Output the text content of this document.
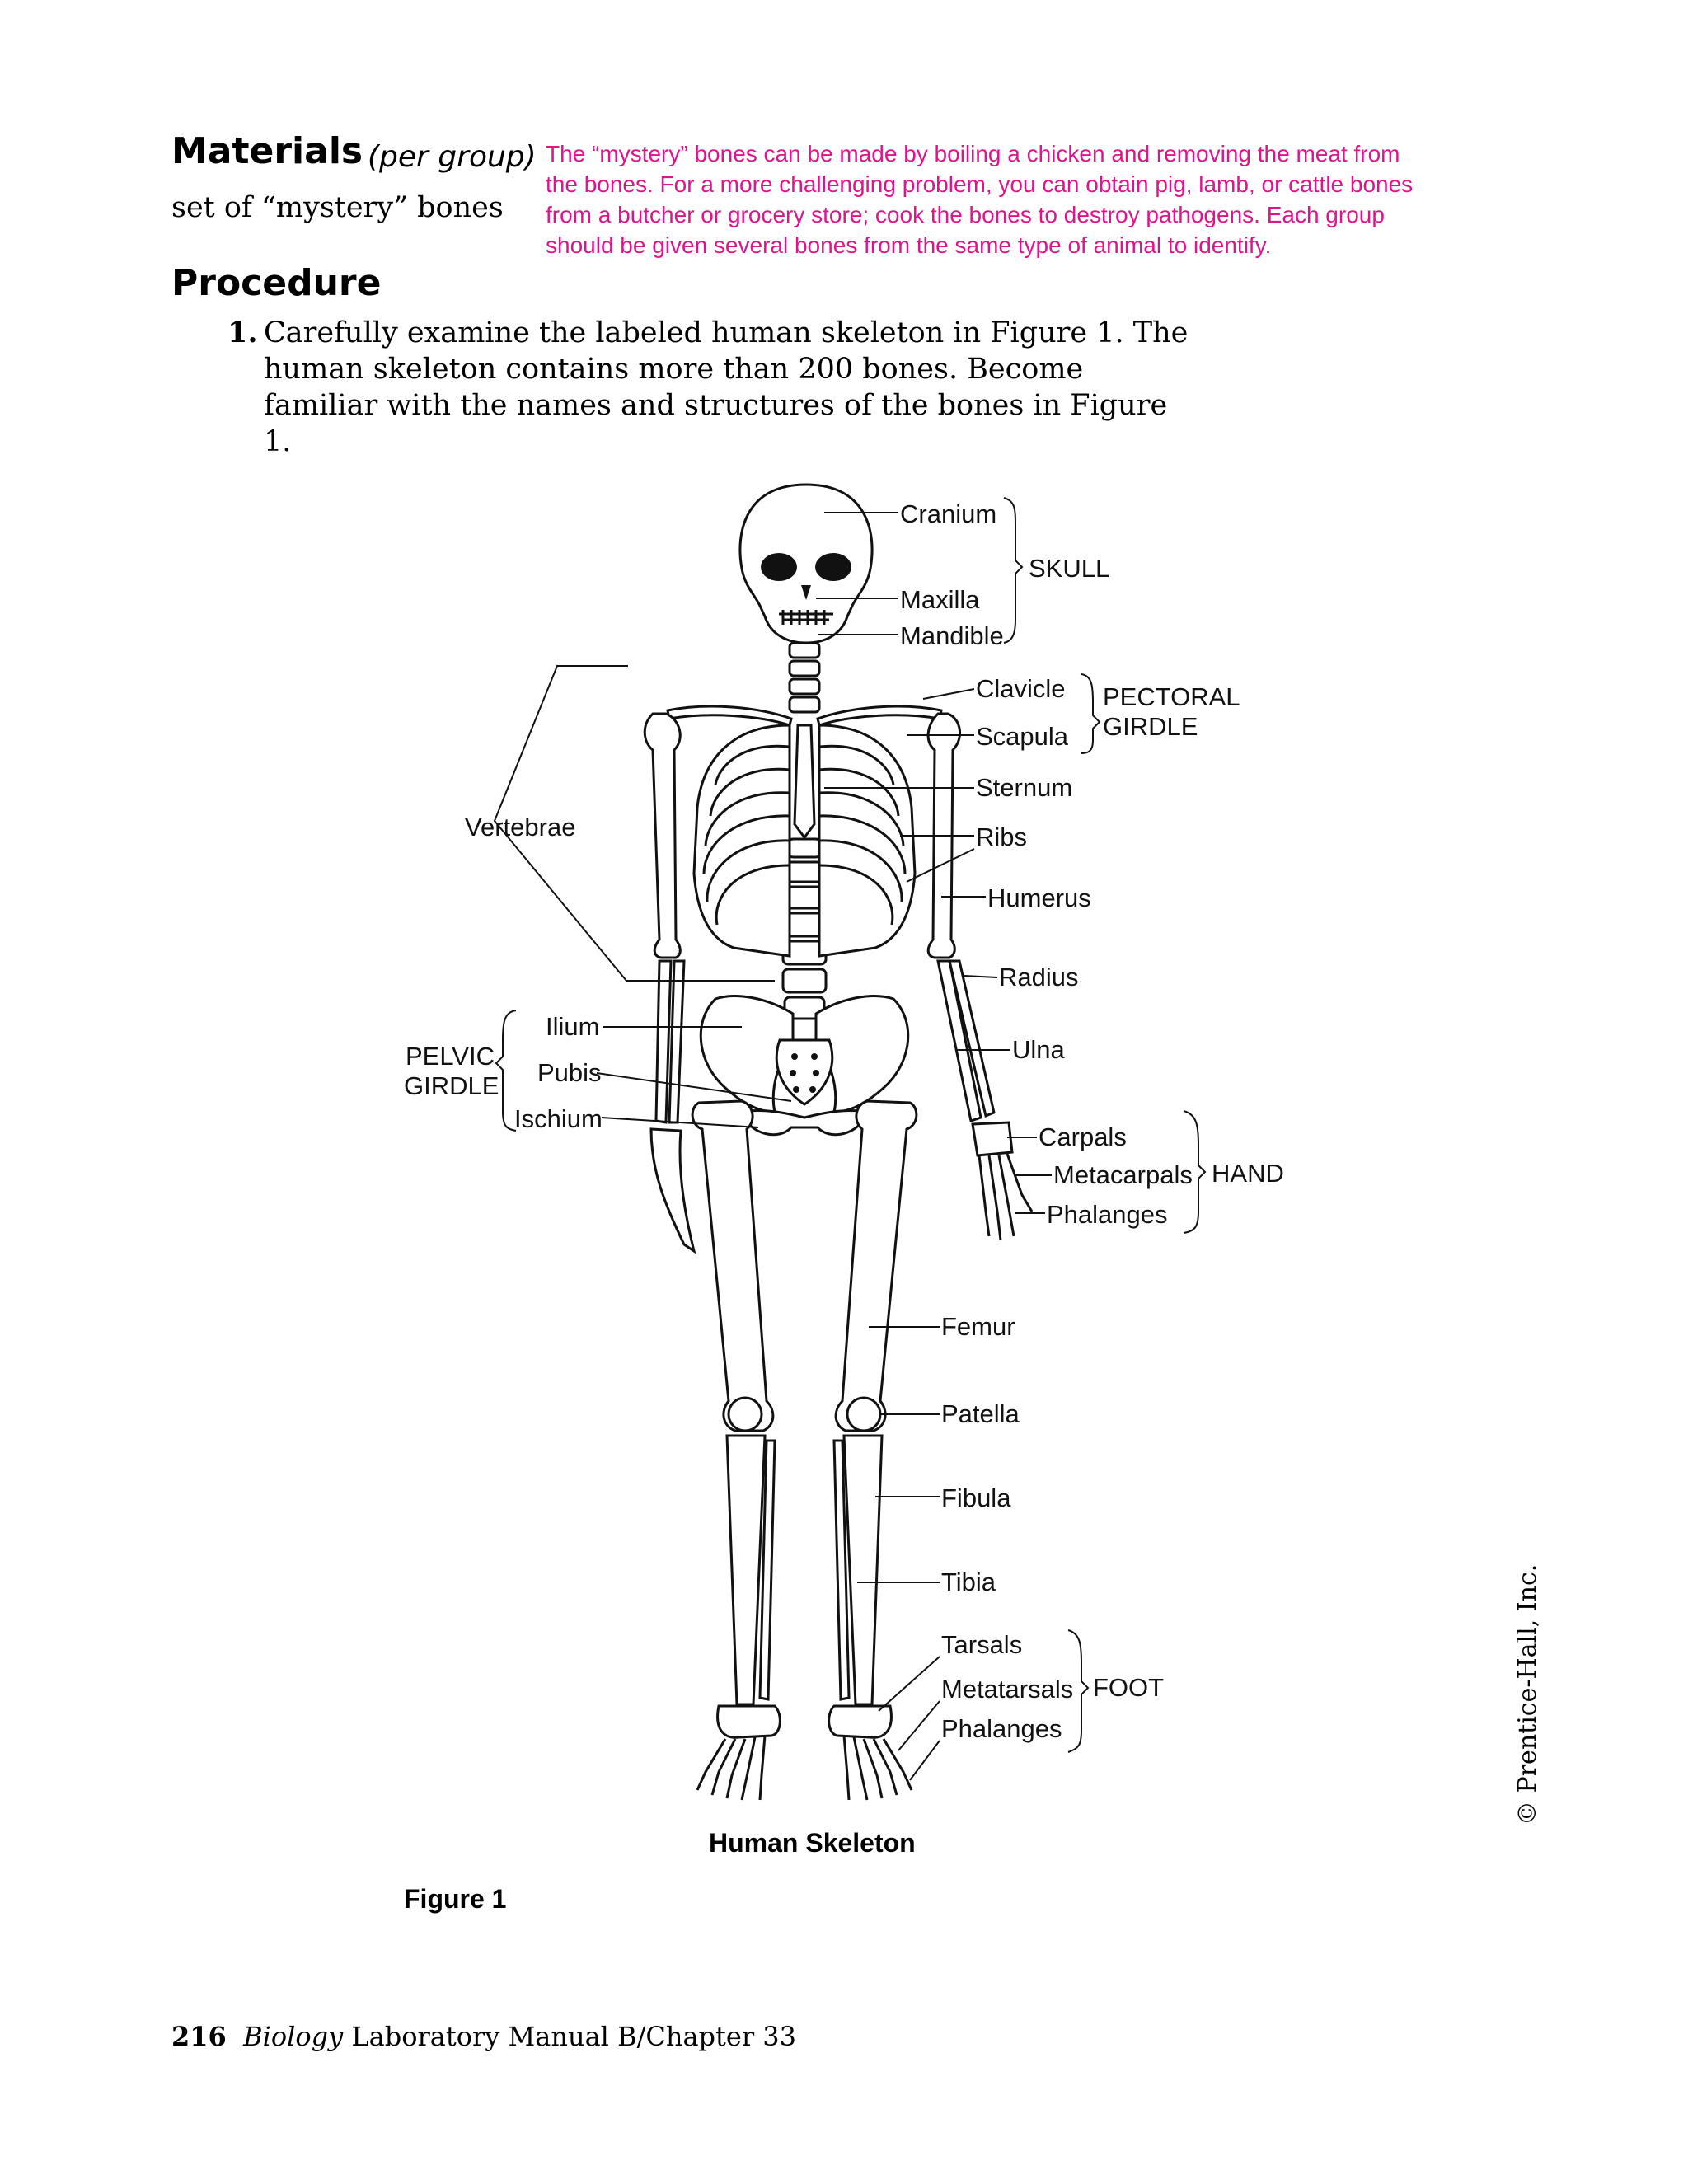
Materials (per group)
set of “mystery” bones
The “mystery” bones can be made by boiling a chicken and removing the meat from the bones. For a more challenging problem, you can obtain pig, lamb, or cattle bones from a butcher or grocery store; cook the bones to destroy pathogens. Each group should be given several bones from the same type of animal to identify.
Procedure
1. Carefully examine the labeled human skeleton in Figure 1. The human skeleton contains more than 200 bones. Become familiar with the names and structures of the bones in Figure 1.
Cranium
Maxilla
Mandible
SKULL
Clavicle
Scapula
PECTORAL
GIRDLE
Sternum
Ribs
Humerus
Radius
Ulna
Carpals
Metacarpals
Phalanges
HAND
Vertebrae
Ilium
Pubis
Ischium
PELVIC
GIRDLE
Femur
Patella
Fibula
Tibia
Tarsals
Metatarsals
Phalanges
FOOT
Human Skeleton
Figure 1
© Prentice-Hall, Inc.
216 Biology Laboratory Manual B/Chapter 33
